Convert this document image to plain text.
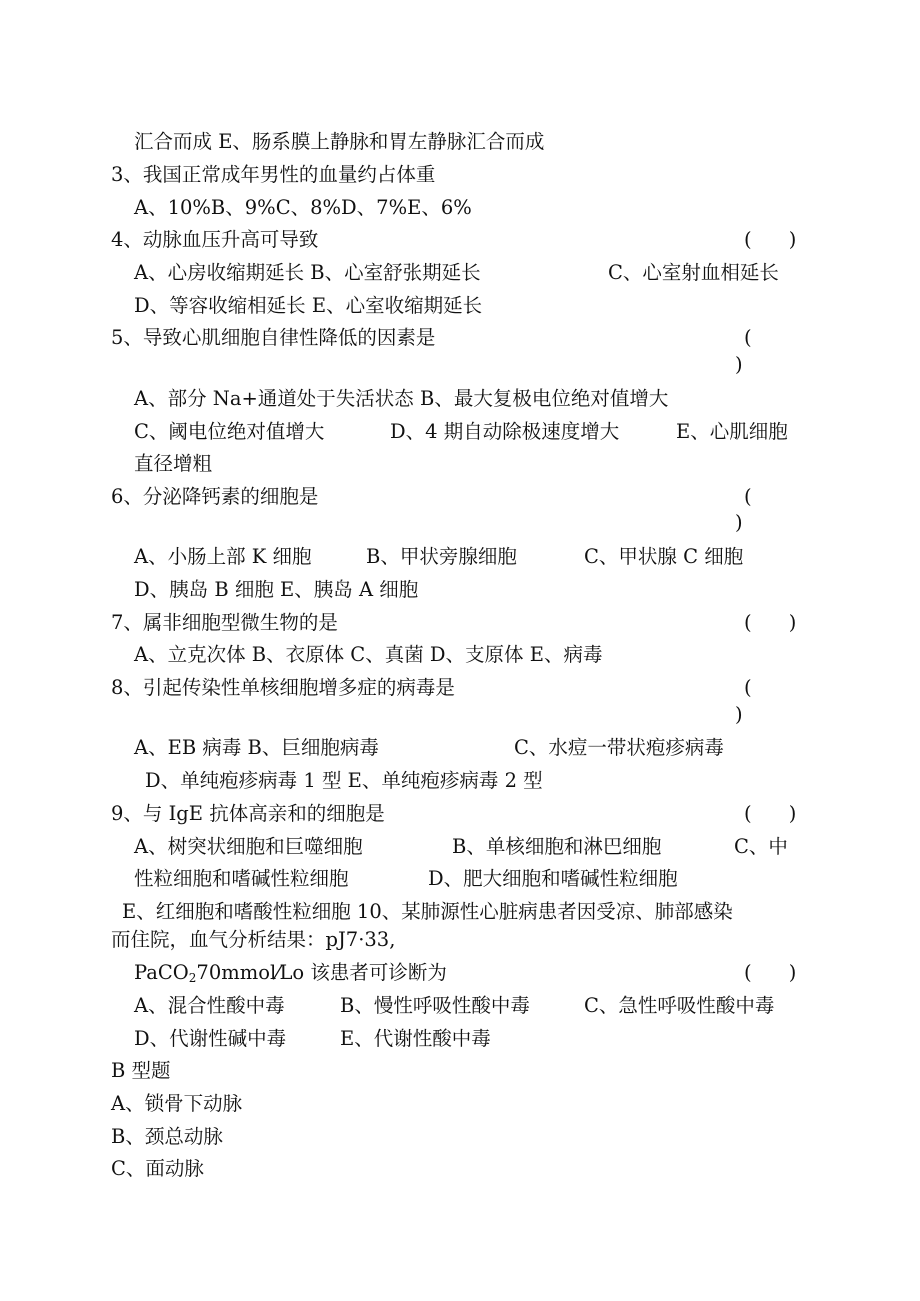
汇合而成 E、肠系膜上静脉和胃左静脉汇合而成
3、我国正常成年男性的血量约占体重
A、10%B、9%C、8%D、7%E、6%
4、动脉血压升高可导致	(      )
A、心房收缩期延长 B、心室舒张期延长	C、心室射血相延长
D、等容收缩相延长 E、心室收缩期延长
5、导致心肌细胞自律性降低的因素是	(
)
A、部分 Na+通道处于失活状态 B、最大复极电位绝对值增大
C、阈电位绝对值增大	D、4 期自动除极速度增大	E、心肌细胞
直径增粗
6、分泌降钙素的细胞是	(
)
A、小肠上部 K 细胞	B、甲状旁腺细胞	C、甲状腺 C 细胞
D、胰岛 B 细胞 E、胰岛 A 细胞
7、属非细胞型微生物的是	(      )
A、立克次体 B、衣原体 C、真菌 D、支原体 E、病毒
8、引起传染性单核细胞增多症的病毒是	(
)
A、EB 病毒 B、巨细胞病毒	C、水痘一带状疱疹病毒
D、单纯疱疹病毒 1 型 E、单纯疱疹病毒 2 型
9、与 IgE 抗体高亲和的细胞是	(      )
A、树突状细胞和巨噬细胞	B、单核细胞和淋巴细胞	C、中
性粒细胞和嗜碱性粒细胞	D、肥大细胞和嗜碱性粒细胞
E、红细胞和嗜酸性粒细胞 10、某肺源性心脏病患者因受凉、肺部感染
而住院，血气分析结果：pJ7·33,
PaCO$_2$70mmol⁄Lo 该患者可诊断为	(      )
A、混合性酸中毒	B、慢性呼吸性酸中毒	C、急性呼吸性酸中毒
D、代谢性碱中毒	E、代谢性酸中毒
B 型题
A、锁骨下动脉
B、颈总动脉
C、面动脉
